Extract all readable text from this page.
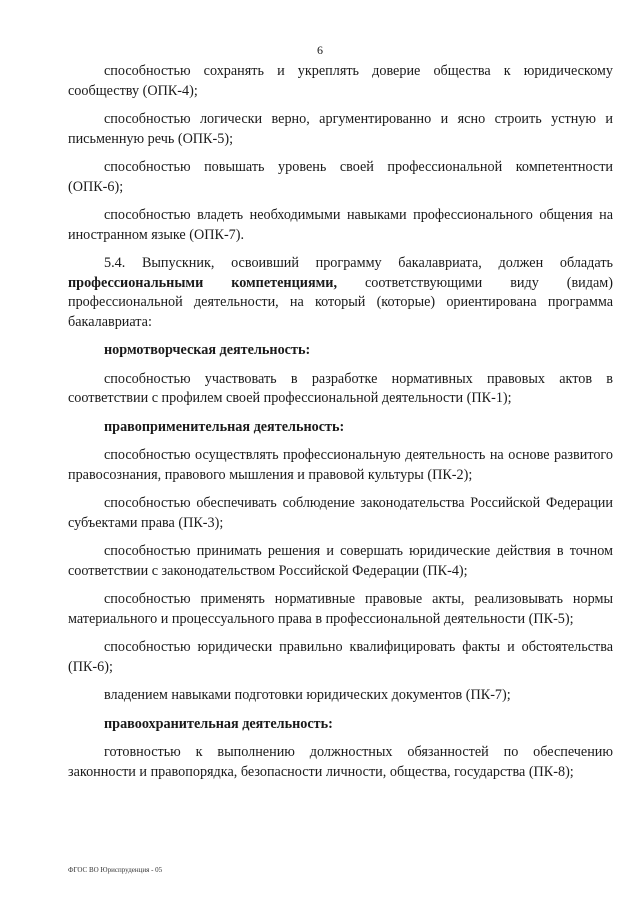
6

способностью сохранять и укреплять доверие общества к юридическому сообществу (ОПК-4);

способностью логически верно, аргументированно и ясно строить устную и письменную речь (ОПК-5);

способностью повышать уровень своей профессиональной компетентности (ОПК-6);

способностью владеть необходимыми навыками профессионального общения на иностранном языке (ОПК-7).

5.4. Выпускник, освоивший программу бакалавриата, должен обладать профессиональными компетенциями, соответствующими виду (видам) профессиональной деятельности, на который (которые) ориентирована программа бакалавриата:

нормотворческая деятельность:

способностью участвовать в разработке нормативных правовых актов в соответствии с профилем своей профессиональной деятельности (ПК-1);

правоприменительная деятельность:

способностью осуществлять профессиональную деятельность на основе развитого правосознания, правового мышления и правовой культуры (ПК-2);

способностью обеспечивать соблюдение законодательства Российской Федерации субъектами права (ПК-3);

способностью принимать решения и совершать юридические действия в точном соответствии с законодательством Российской Федерации (ПК-4);

способностью применять нормативные правовые акты, реализовывать нормы материального и процессуального права в профессиональной деятельности (ПК-5);

способностью юридически правильно квалифицировать факты и обстоятельства (ПК-6);

владением навыками подготовки юридических документов (ПК-7);

правоохранительная деятельность:

готовностью к выполнению должностных обязанностей по обеспечению законности и правопорядка, безопасности личности, общества, государства (ПК-8);

ФГОС ВО Юриспруденция - 05
